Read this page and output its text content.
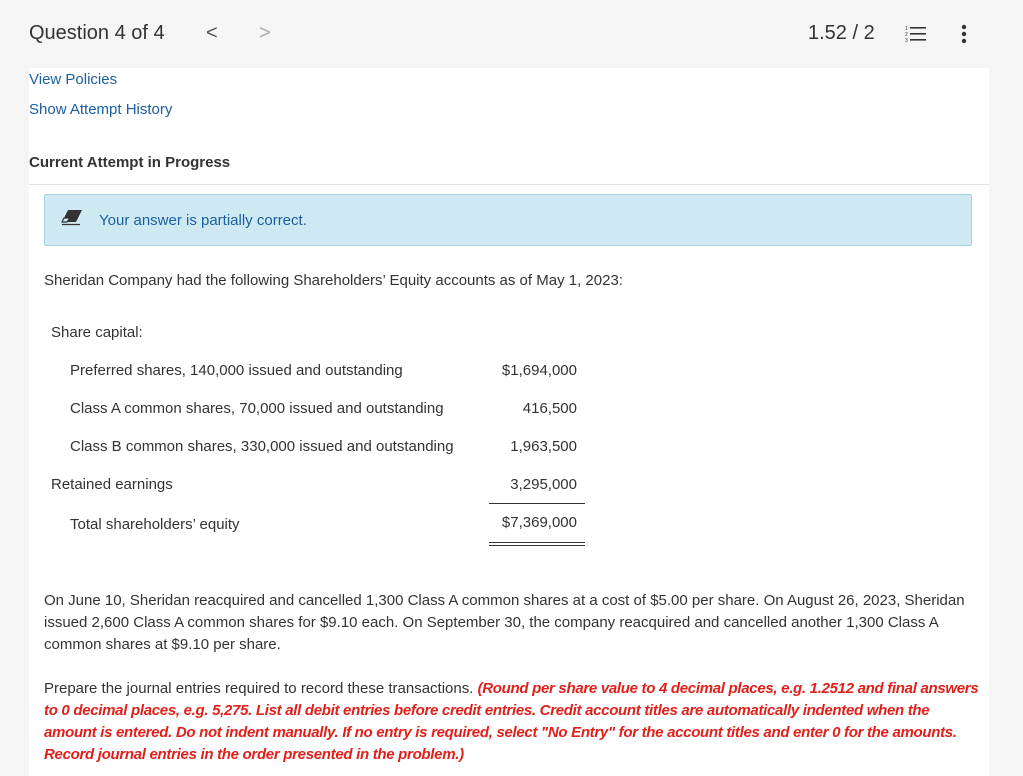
Question 4 of 4 < >	1.52 / 2	1
2
3
View Policies
Show Attempt History
Current Attempt in Progress
Your answer is partially correct.
Sheridan Company had the following Shareholders’ Equity accounts as of May 1, 2023:
Share capital:
Preferred shares, 140,000 issued and outstanding	$1,694,000
Class A common shares, 70,000 issued and outstanding	416,500
Class B common shares, 330,000 issued and outstanding	1,963,500
Retained earnings	3,295,000
Total shareholders’ equity	$7,369,000
On June 10, Sheridan reacquired and cancelled 1,300 Class A common shares at a cost of $5.00 per share. On August 26, 2023, Sheridan issued 2,600 Class A common shares for $9.10 each. On September 30, the company reacquired and cancelled another 1,300 Class A common shares at $9.10 per share.
Prepare the journal entries required to record these transactions. (Round per share value to 4 decimal places, e.g. 1.2512 and final answers to 0 decimal places, e.g. 5,275. List all debit entries before credit entries. Credit account titles are automatically indented when the amount is entered. Do not indent manually. If no entry is required, select "No Entry" for the account titles and enter 0 for the amounts. Record journal entries in the order presented in the problem.)
